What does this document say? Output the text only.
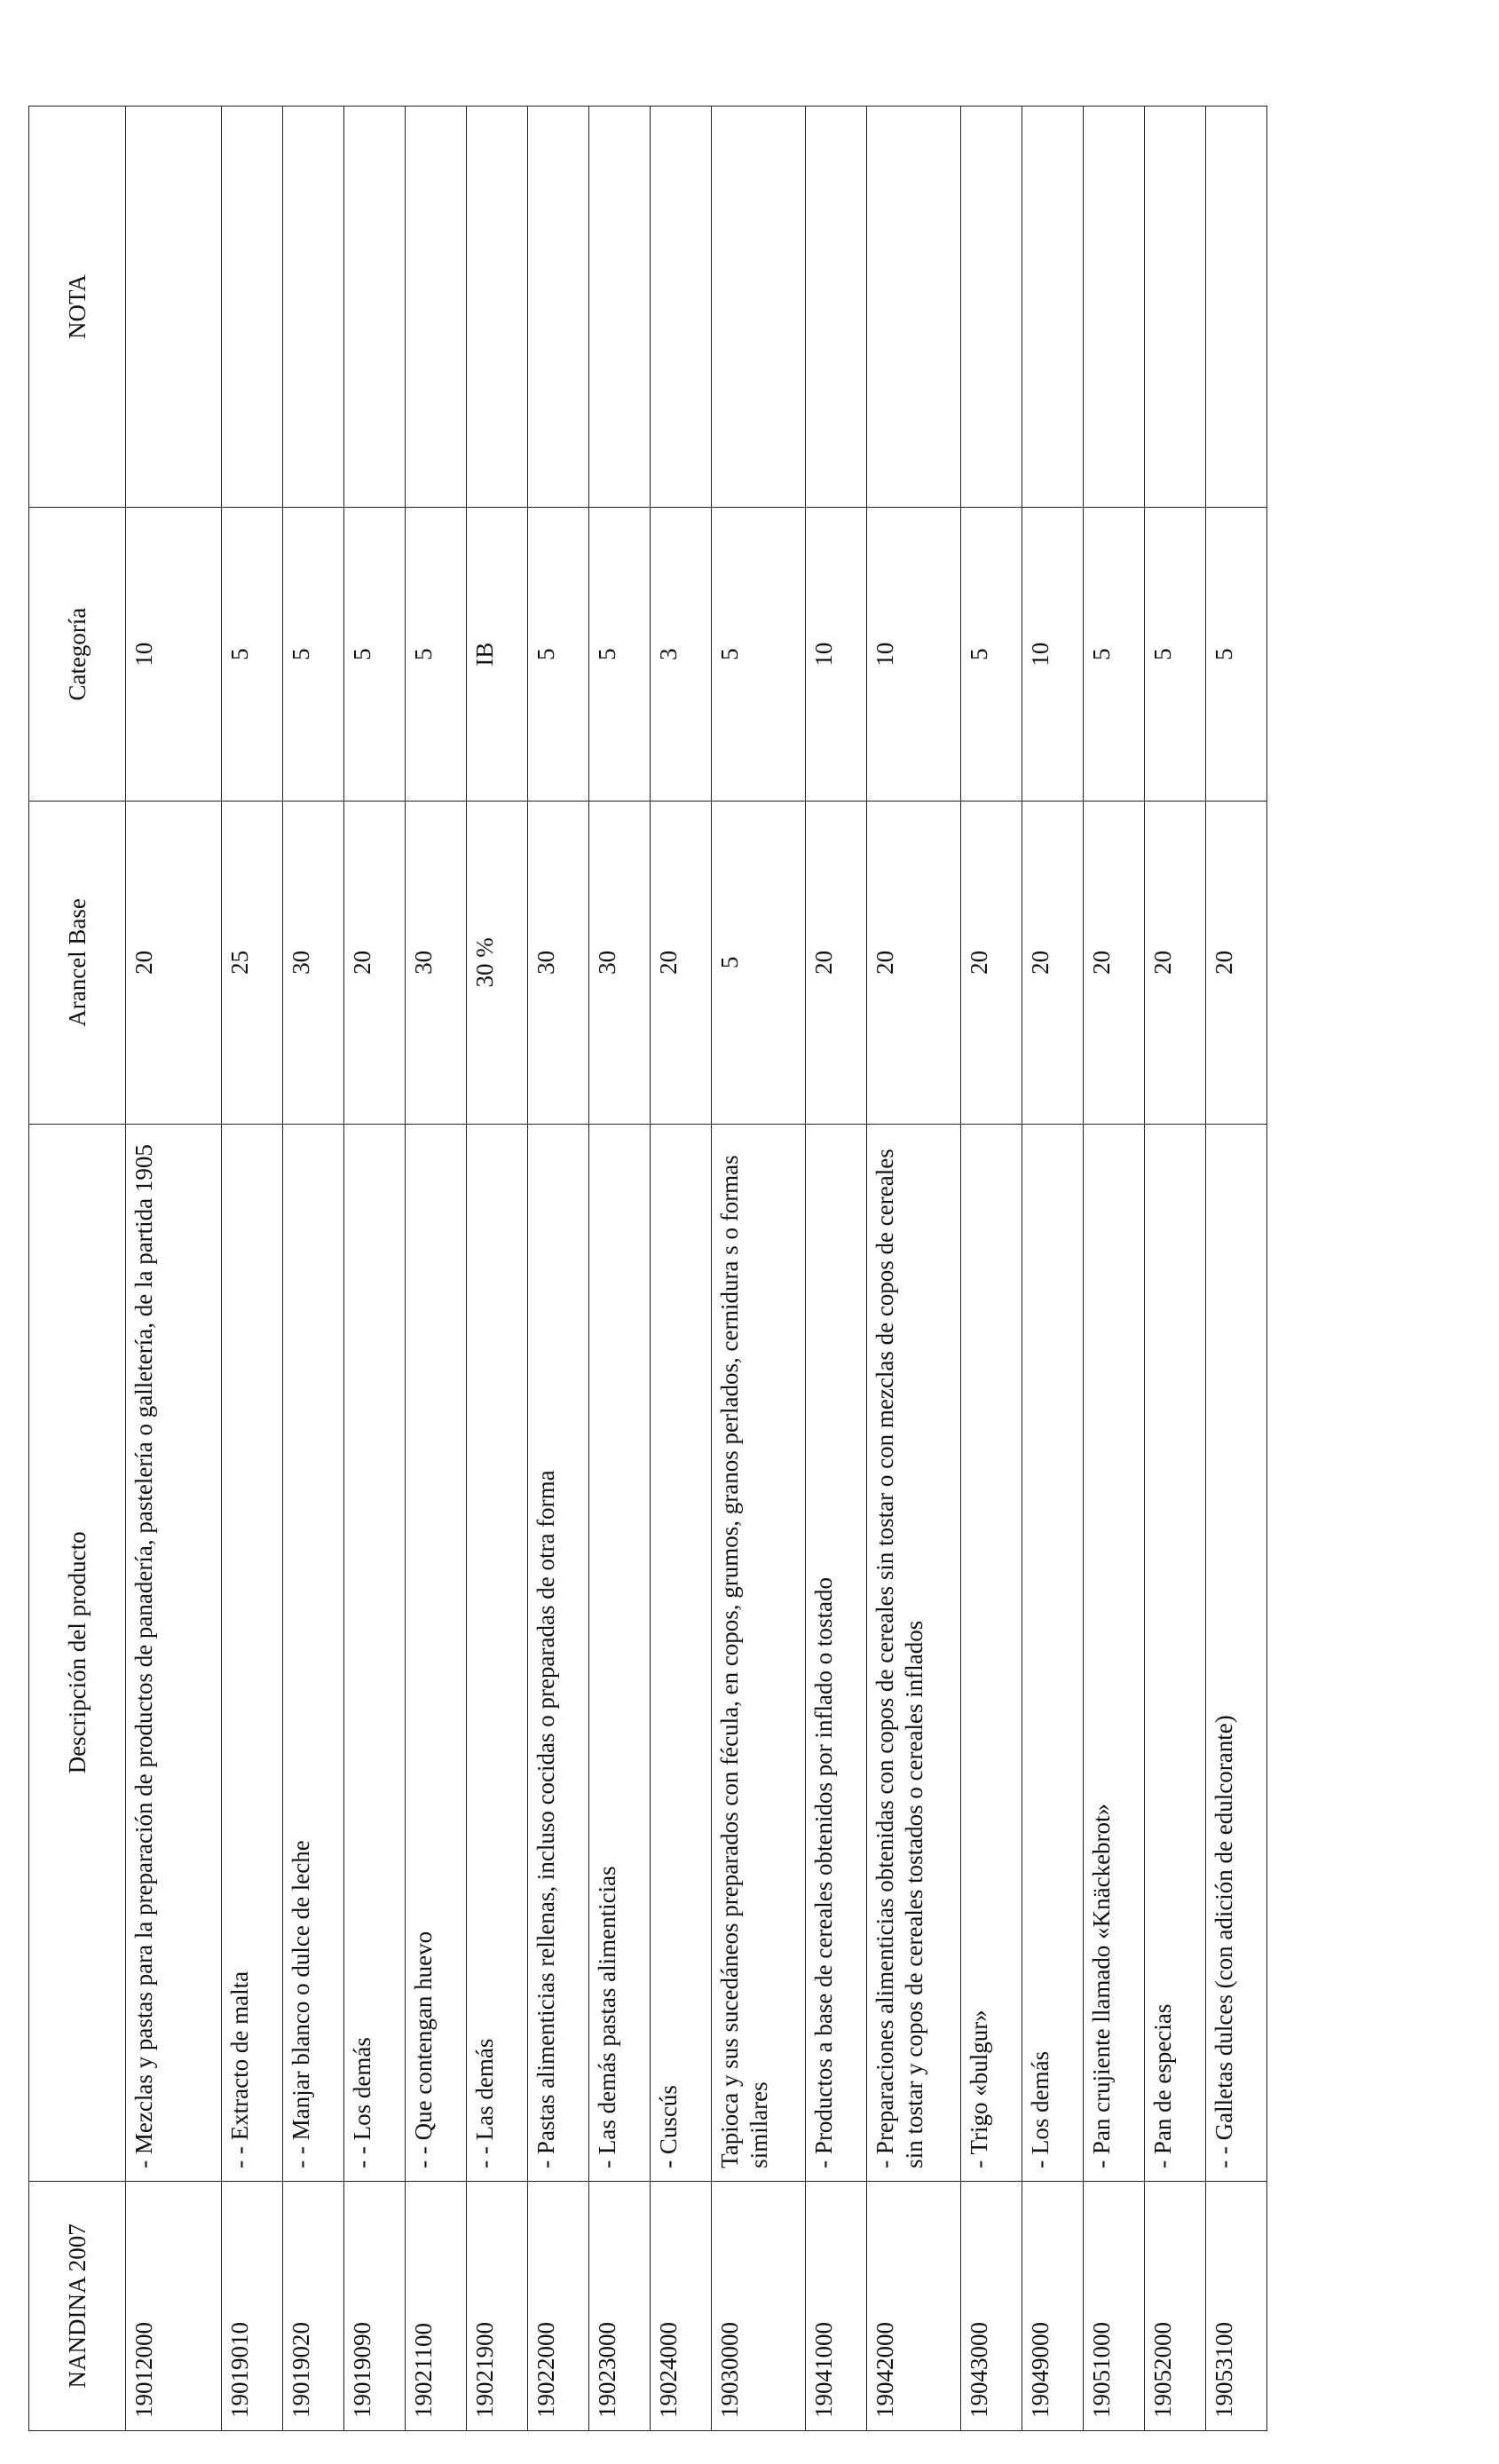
NANDINA 2007	Descripción del producto	Arancel Base	Categoría	NOTA
19012000	- Mezclas y pastas para la preparación de productos de panadería, pastelería o galletería, de la partida 1905	20	10	
19019010	- - Extracto de malta	25	5	
19019020	- - Manjar blanco o dulce de leche	30	5	
19019090	- - Los demás	20	5	
19021100	- - Que contengan huevo	30	5	
19021900	- - Las demás	30 %	IB	
19022000	- Pastas alimenticias rellenas, incluso cocidas o preparadas de otra forma	30	5	
19023000	- Las demás pastas alimenticias	30	5	
19024000	- Cuscús	20	3	
19030000	Tapioca y sus sucedáneos preparados con fécula, en copos, grumos, granos perlados, cernidura s o formas similares	5	5	
19041000	- Productos a base de cereales obtenidos por inflado o tostado	20	10	
19042000	- Preparaciones alimenticias obtenidas con copos de cereales sin tostar o con mezclas de copos de cereales sin tostar y copos de cereales tostados o cereales inflados	20	10	
19043000	- Trigo «bulgur»	20	5	
19049000	- Los demás	20	10	
19051000	- Pan crujiente llamado «Knäckebrot»	20	5	
19052000	- Pan de especias	20	5	
19053100	- - Galletas dulces (con adición de edulcorante)	20	5	
